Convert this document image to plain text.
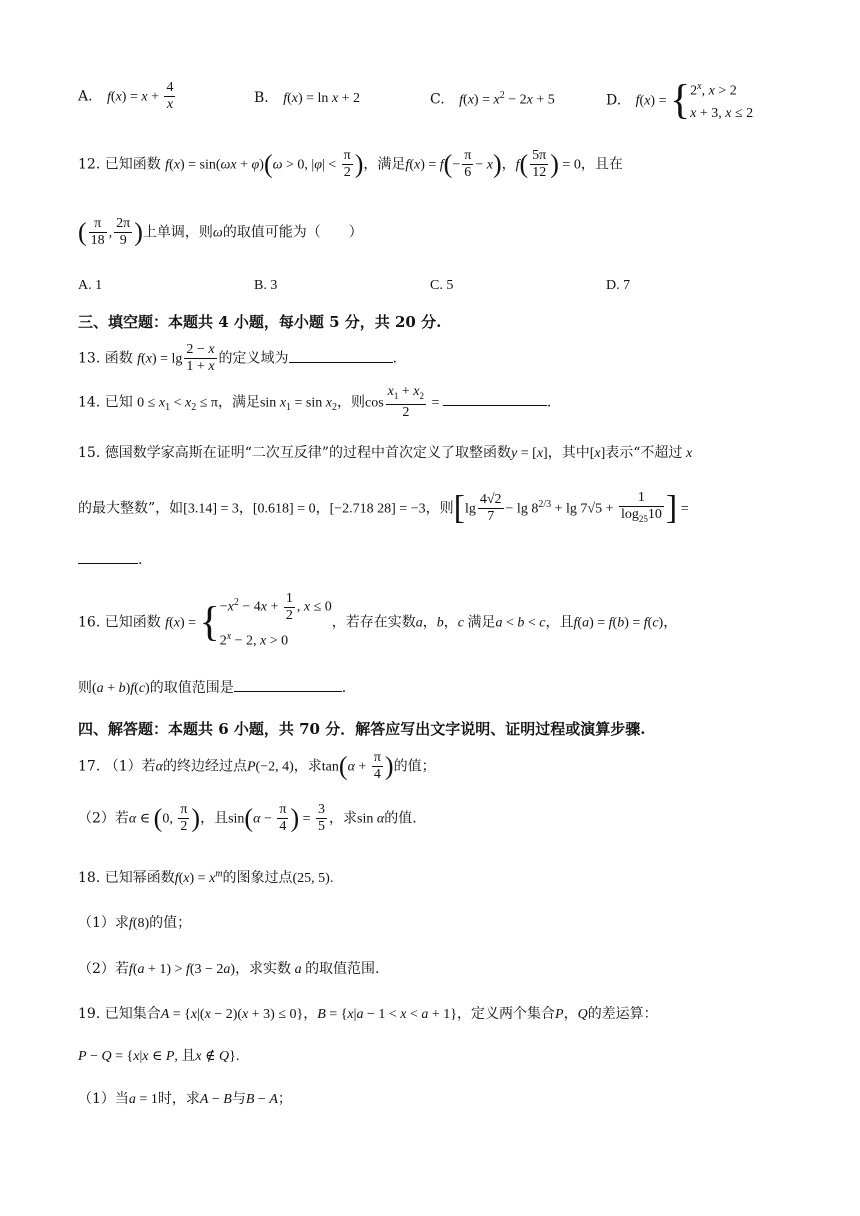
A. $f(x) = x + \frac{4}{x}$	B. f(x) = ln x + 2	C. $f(x) = x^2 - 2x + 5$	D. f(x) = { 2$^x$, x > 2
x + 3, x ≤ 2
12. 已知函数 f(x) = sin(ωx + φ)(ω > 0, $|\varphi| < \frac{\pi}{2}$ )，满足$f(x) = f(- \frac{\pi}{6} - x)$，$f( \frac{5\pi}{12}$ ) = 0，且在
( $\frac{\pi}{18}$ , $\frac{2\pi}{9}$ )上单调，则ω的取值可能为（　　）
A. 1	B. 3	C. 5	D. 7
三、填空题：本题共 4 小题，每小题 5 分，共 20 分.
13. 函数 $f(x) = \lg \frac{2 - x}{1 + x}$ 的定义域为	.
14. 已知 $0 \le x_1 < x_2 \le \pi$，满足$\sin x_1 = \sin x_2$，则$\cos \frac{x_1 + x_2}{2}$ =	.
15. 德国数学家高斯在证明“二次互反律”的过程中首次定义了取整函数y = [x]，其中[x]表示“不超过 x
的最大整数”，如[3.14] = 3，[0.618] = 0，[−2.718 28] = −3，则[$\lg \frac{4√2}{7} - \lg 8^{2/3} + \lg 7√5 + \frac{1}{\log_{25}10}$ ] =
.
16. 已知函数 f(x) = { $-x^2 - 4x + \frac{1}{2}$ , x ≤ 0
$2^x - 2$, x > 0
，若存在实数a，b，c 满足a < b < c，且f(a) = f(b) = f(c)，
则(a + b)f(c)的取值范围是	.
四、解答题：本题共 6 小题，共 70 分．解答应写出文字说明、证明过程或演算步骤.
17. （1）若α的终边经过点P(−2, 4)，求$\tan(\alpha + \frac{\pi}{4}$ )的值；
（2）若α ∈ (0, $\frac{\pi}{2}$ )，且$\sin(\alpha - \frac{\pi}{4}$ ) = $\frac{3}{5}$ ，求sin α的值.
18. 已知幂函数$f(x) = x^m$的图象过点(25, 5).
（1）求f(8)的值；
（2）若f(a + 1) > f(3 − 2a)，求实数 a 的取值范围.
19. 已知集合A = {x|(x − 2)(x + 3) ≤ 0}，B = {x|a − 1 < x < a + 1}，定义两个集合P，Q的差运算：
P − Q = {x|x ∈ P, 且x ∉ Q}.
（1）当a = 1时，求A − B与B − A；
